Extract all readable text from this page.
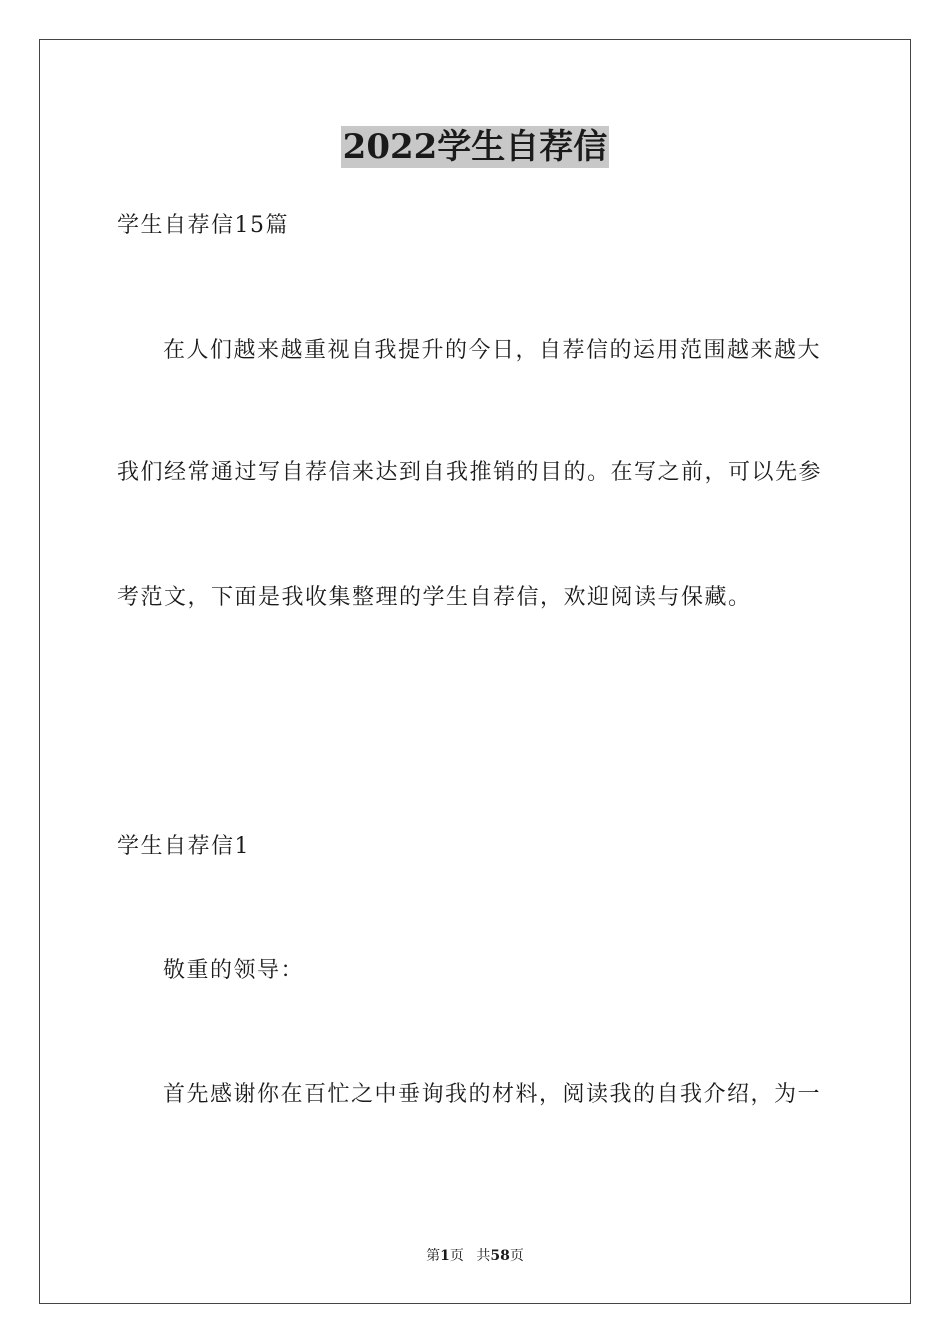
2022学生自荐信
学生自荐信15篇
在人们越来越重视自我提升的今日，自荐信的运用范围越来越大
我们经常通过写自荐信来达到自我推销的目的。在写之前，可以先参
考范文，下面是我收集整理的学生自荐信，欢迎阅读与保藏。
学生自荐信1
敬重的领导：
首先感谢你在百忙之中垂询我的材料，阅读我的自我介绍，为一
第1页 共58页
